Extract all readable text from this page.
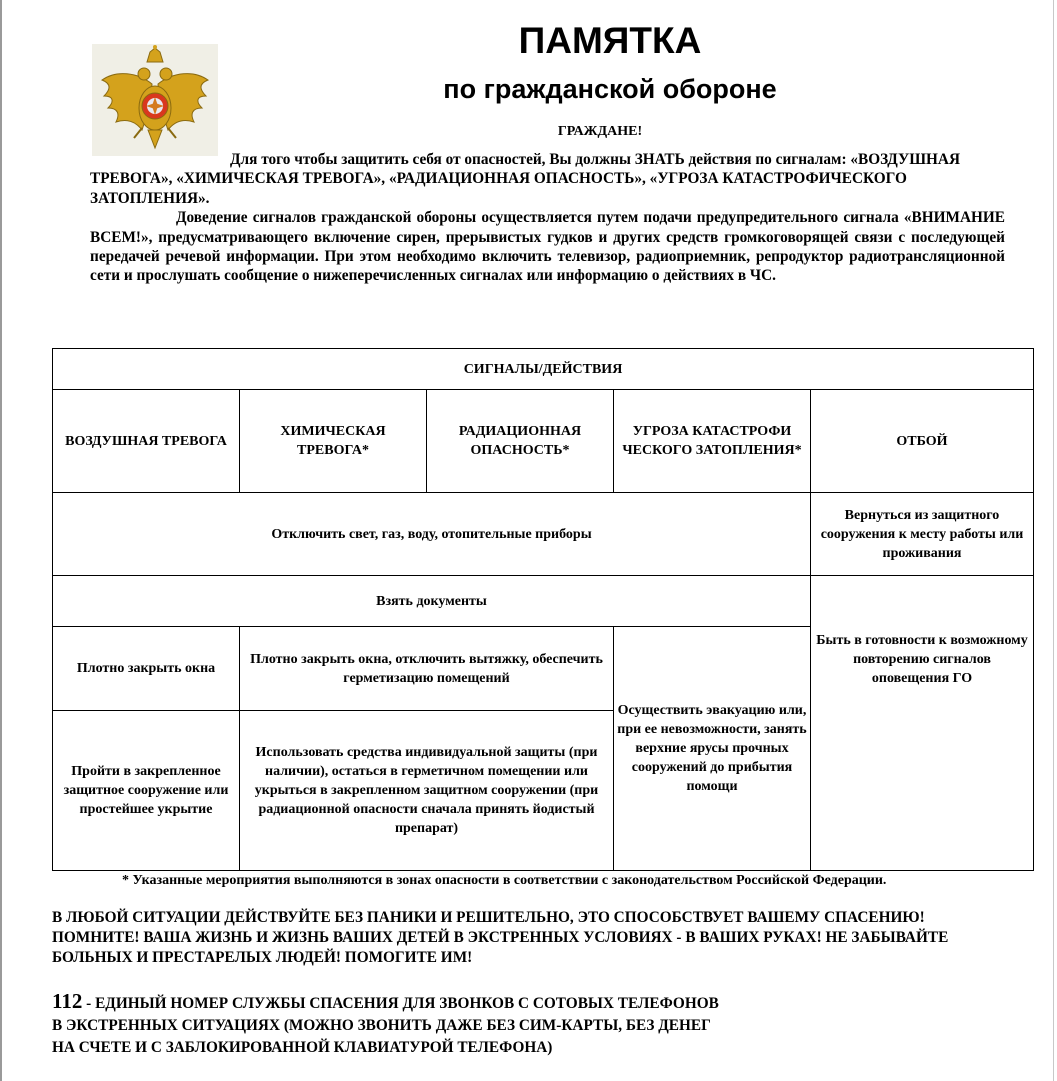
ПАМЯТКА
по гражданской обороне
ГРАЖДАНЕ!

Для того чтобы защитить себя от опасностей, Вы должны ЗНАТЬ действия по сигналам: «ВОЗДУШНАЯ ТРЕВОГА», «ХИМИЧЕСКАЯ ТРЕВОГА», «РАДИАЦИОННАЯ ОПАСНОСТЬ», «УГРОЗА КАТАСТРОФИЧЕСКОГО ЗАТОПЛЕНИЯ».

Доведение сигналов гражданской обороны осуществляется путем подачи предупредительного сигнала «ВНИМАНИЕ ВСЕМ!», предусматривающего включение сирен, прерывистых гудков и других средств громкоговорящей связи с последующей передачей речевой информации. При этом необходимо включить телевизор, радиоприемник, репродуктор радиотрансляционной сети и прослушать сообщение о нижеперечисленных сигналах или информацию о действиях в ЧС.

СИГНАЛЫ/ДЕЙСТВИЯ				
ВОЗДУШНАЯ ТРЕВОГА	ХИМИЧЕСКАЯ ТРЕВОГА*	РАДИАЦИОННАЯ ОПАСНОСТЬ*	УГРОЗА КАТАСТРОФИ ЧЕСКОГО ЗАТОПЛЕНИЯ*	ОТБОЙ
Отключить свет, газ, воду, отопительные приборы				Вернуться из защитного сооружения к месту работы или проживания
Взять документы				Быть в готовности к возможному повторению сигналов оповещения ГО
Плотно закрыть окна	Плотно закрыть окна, отключить вытяжку, обеспечить герметизацию помещений		Осуществить эвакуацию или, при ее невозможности, занять верхние ярусы прочных сооружений до прибытия помощи	
Пройти в закрепленное защитное сооружение или простейшее укрытие	Использовать средства индивидуальной защиты (при наличии), остаться в герметичном помещении или укрыться в закрепленном защитном сооружении (при радиационной опасности сначала принять йодистый препарат)			
* Указанные мероприятия выполняются в зонах опасности в соответствии с законодательством Российской Федерации.

В ЛЮБОЙ СИТУАЦИИ ДЕЙСТВУЙТЕ БЕЗ ПАНИКИ И РЕШИТЕЛЬНО, ЭТО СПОСОБСТВУЕТ ВАШЕМУ СПАСЕНИЮ!

ПОМНИТЕ! ВАША ЖИЗНЬ И ЖИЗНЬ ВАШИХ ДЕТЕЙ В ЭКСТРЕННЫХ УСЛОВИЯХ - В ВАШИХ РУКАХ! НЕ ЗАБЫВАЙТЕ БОЛЬНЫХ И ПРЕСТАРЕЛЫХ ЛЮДЕЙ! ПОМОГИТЕ ИМ!

112 - ЕДИНЫЙ НОМЕР СЛУЖБЫ СПАСЕНИЯ ДЛЯ ЗВОНКОВ С СОТОВЫХ ТЕЛЕФОНОВ

В ЭКСТРЕННЫХ СИТУАЦИЯХ (МОЖНО ЗВОНИТЬ ДАЖЕ БЕЗ СИМ-КАРТЫ, БЕЗ ДЕНЕГ

НА СЧЕТЕ И С ЗАБЛОКИРОВАННОЙ КЛАВИАТУРОЙ ТЕЛЕФОНА)
